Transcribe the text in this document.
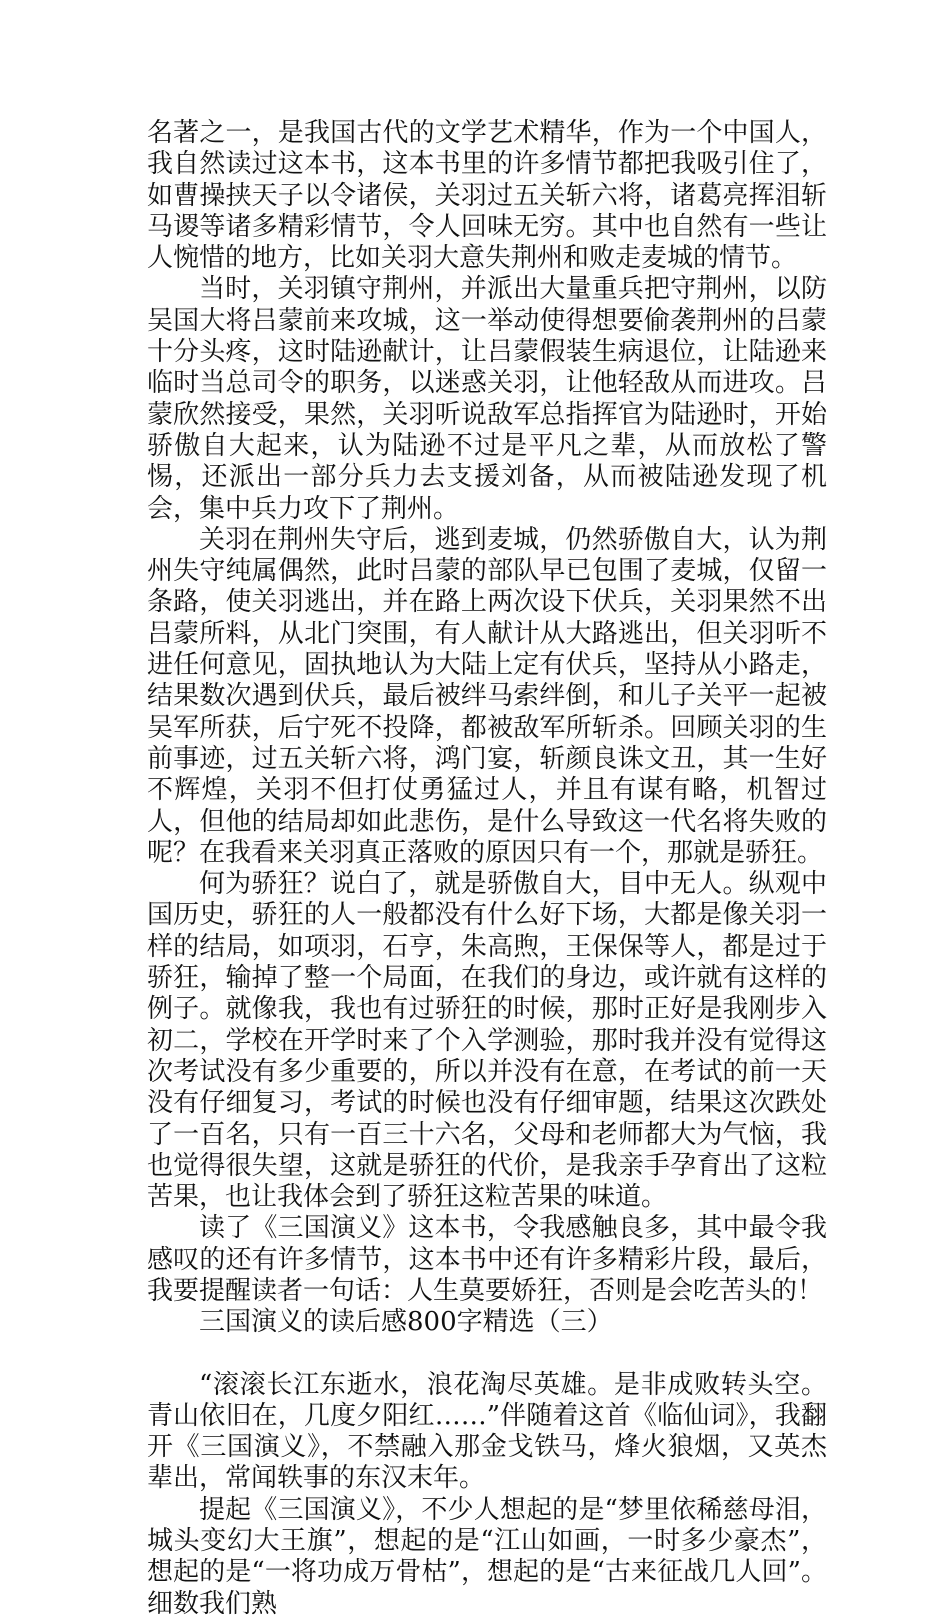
名著之一，是我国古代的文学艺术精华，作为一个中国人，我自然读过这本书，这本书里的许多情节都把我吸引住了，如曹操挟天子以令诸侯，关羽过五关斩六将，诸葛亮挥泪斩马谡等诸多精彩情节，令人回味无穷。其中也自然有一些让人惋惜的地方，比如关羽大意失荆州和败走麦城的情节。

当时，关羽镇守荆州，并派出大量重兵把守荆州，以防吴国大将吕蒙前来攻城，这一举动使得想要偷袭荆州的吕蒙十分头疼，这时陆逊献计，让吕蒙假装生病退位，让陆逊来临时当总司令的职务，以迷惑关羽，让他轻敌从而进攻。吕蒙欣然接受，果然，关羽听说敌军总指挥官为陆逊时，开始骄傲自大起来，认为陆逊不过是平凡之辈，从而放松了警惕，还派出一部分兵力去支援刘备，从而被陆逊发现了机会，集中兵力攻下了荆州。

关羽在荆州失守后，逃到麦城，仍然骄傲自大，认为荆州失守纯属偶然，此时吕蒙的部队早已包围了麦城，仅留一条路，使关羽逃出，并在路上两次设下伏兵，关羽果然不出吕蒙所料，从北门突围，有人献计从大路逃出，但关羽听不进任何意见，固执地认为大陆上定有伏兵，坚持从小路走，结果数次遇到伏兵，最后被绊马索绊倒，和儿子关平一起被吴军所获，后宁死不投降，都被敌军所斩杀。回顾关羽的生前事迹，过五关斩六将，鸿门宴，斩颜良诛文丑，其一生好不辉煌，关羽不但打仗勇猛过人，并且有谋有略，机智过人，但他的结局却如此悲伤，是什么导致这一代名将失败的呢？在我看来关羽真正落败的原因只有一个，那就是骄狂。

何为骄狂？说白了，就是骄傲自大，目中无人。纵观中国历史，骄狂的人一般都没有什么好下场，大都是像关羽一样的结局，如项羽，石亨，朱高煦，王保保等人，都是过于骄狂，输掉了整一个局面，在我们的身边，或许就有这样的例子。就像我，我也有过骄狂的时候，那时正好是我刚步入初二，学校在开学时来了个入学测验，那时我并没有觉得这次考试没有多少重要的，所以并没有在意，在考试的前一天没有仔细复习，考试的时候也没有仔细审题，结果这次跌处了一百名，只有一百三十六名，父母和老师都大为气恼，我也觉得很失望，这就是骄狂的代价，是我亲手孕育出了这粒苦果，也让我体会到了骄狂这粒苦果的味道。

读了《三国演义》这本书，令我感触良多，其中最令我感叹的还有许多情节，这本书中还有许多精彩片段，最后，我要提醒读者一句话：人生莫要娇狂，否则是会吃苦头的！

三国演义的读后感800字精选（三）

“滚滚长江东逝水，浪花淘尽英雄。是非成败转头空。青山依旧在，几度夕阳红……”伴随着这首《临仙词》，我翻开《三国演义》，不禁融入那金戈铁马，烽火狼烟，又英杰辈出，常闻轶事的东汉末年。

提起《三国演义》，不少人想起的是“梦里依稀慈母泪，城头变幻大王旗”，想起的是“江山如画，一时多少豪杰”，想起的是“一将功成万骨枯”，想起的是“古来征战几人回”。细数我们熟
